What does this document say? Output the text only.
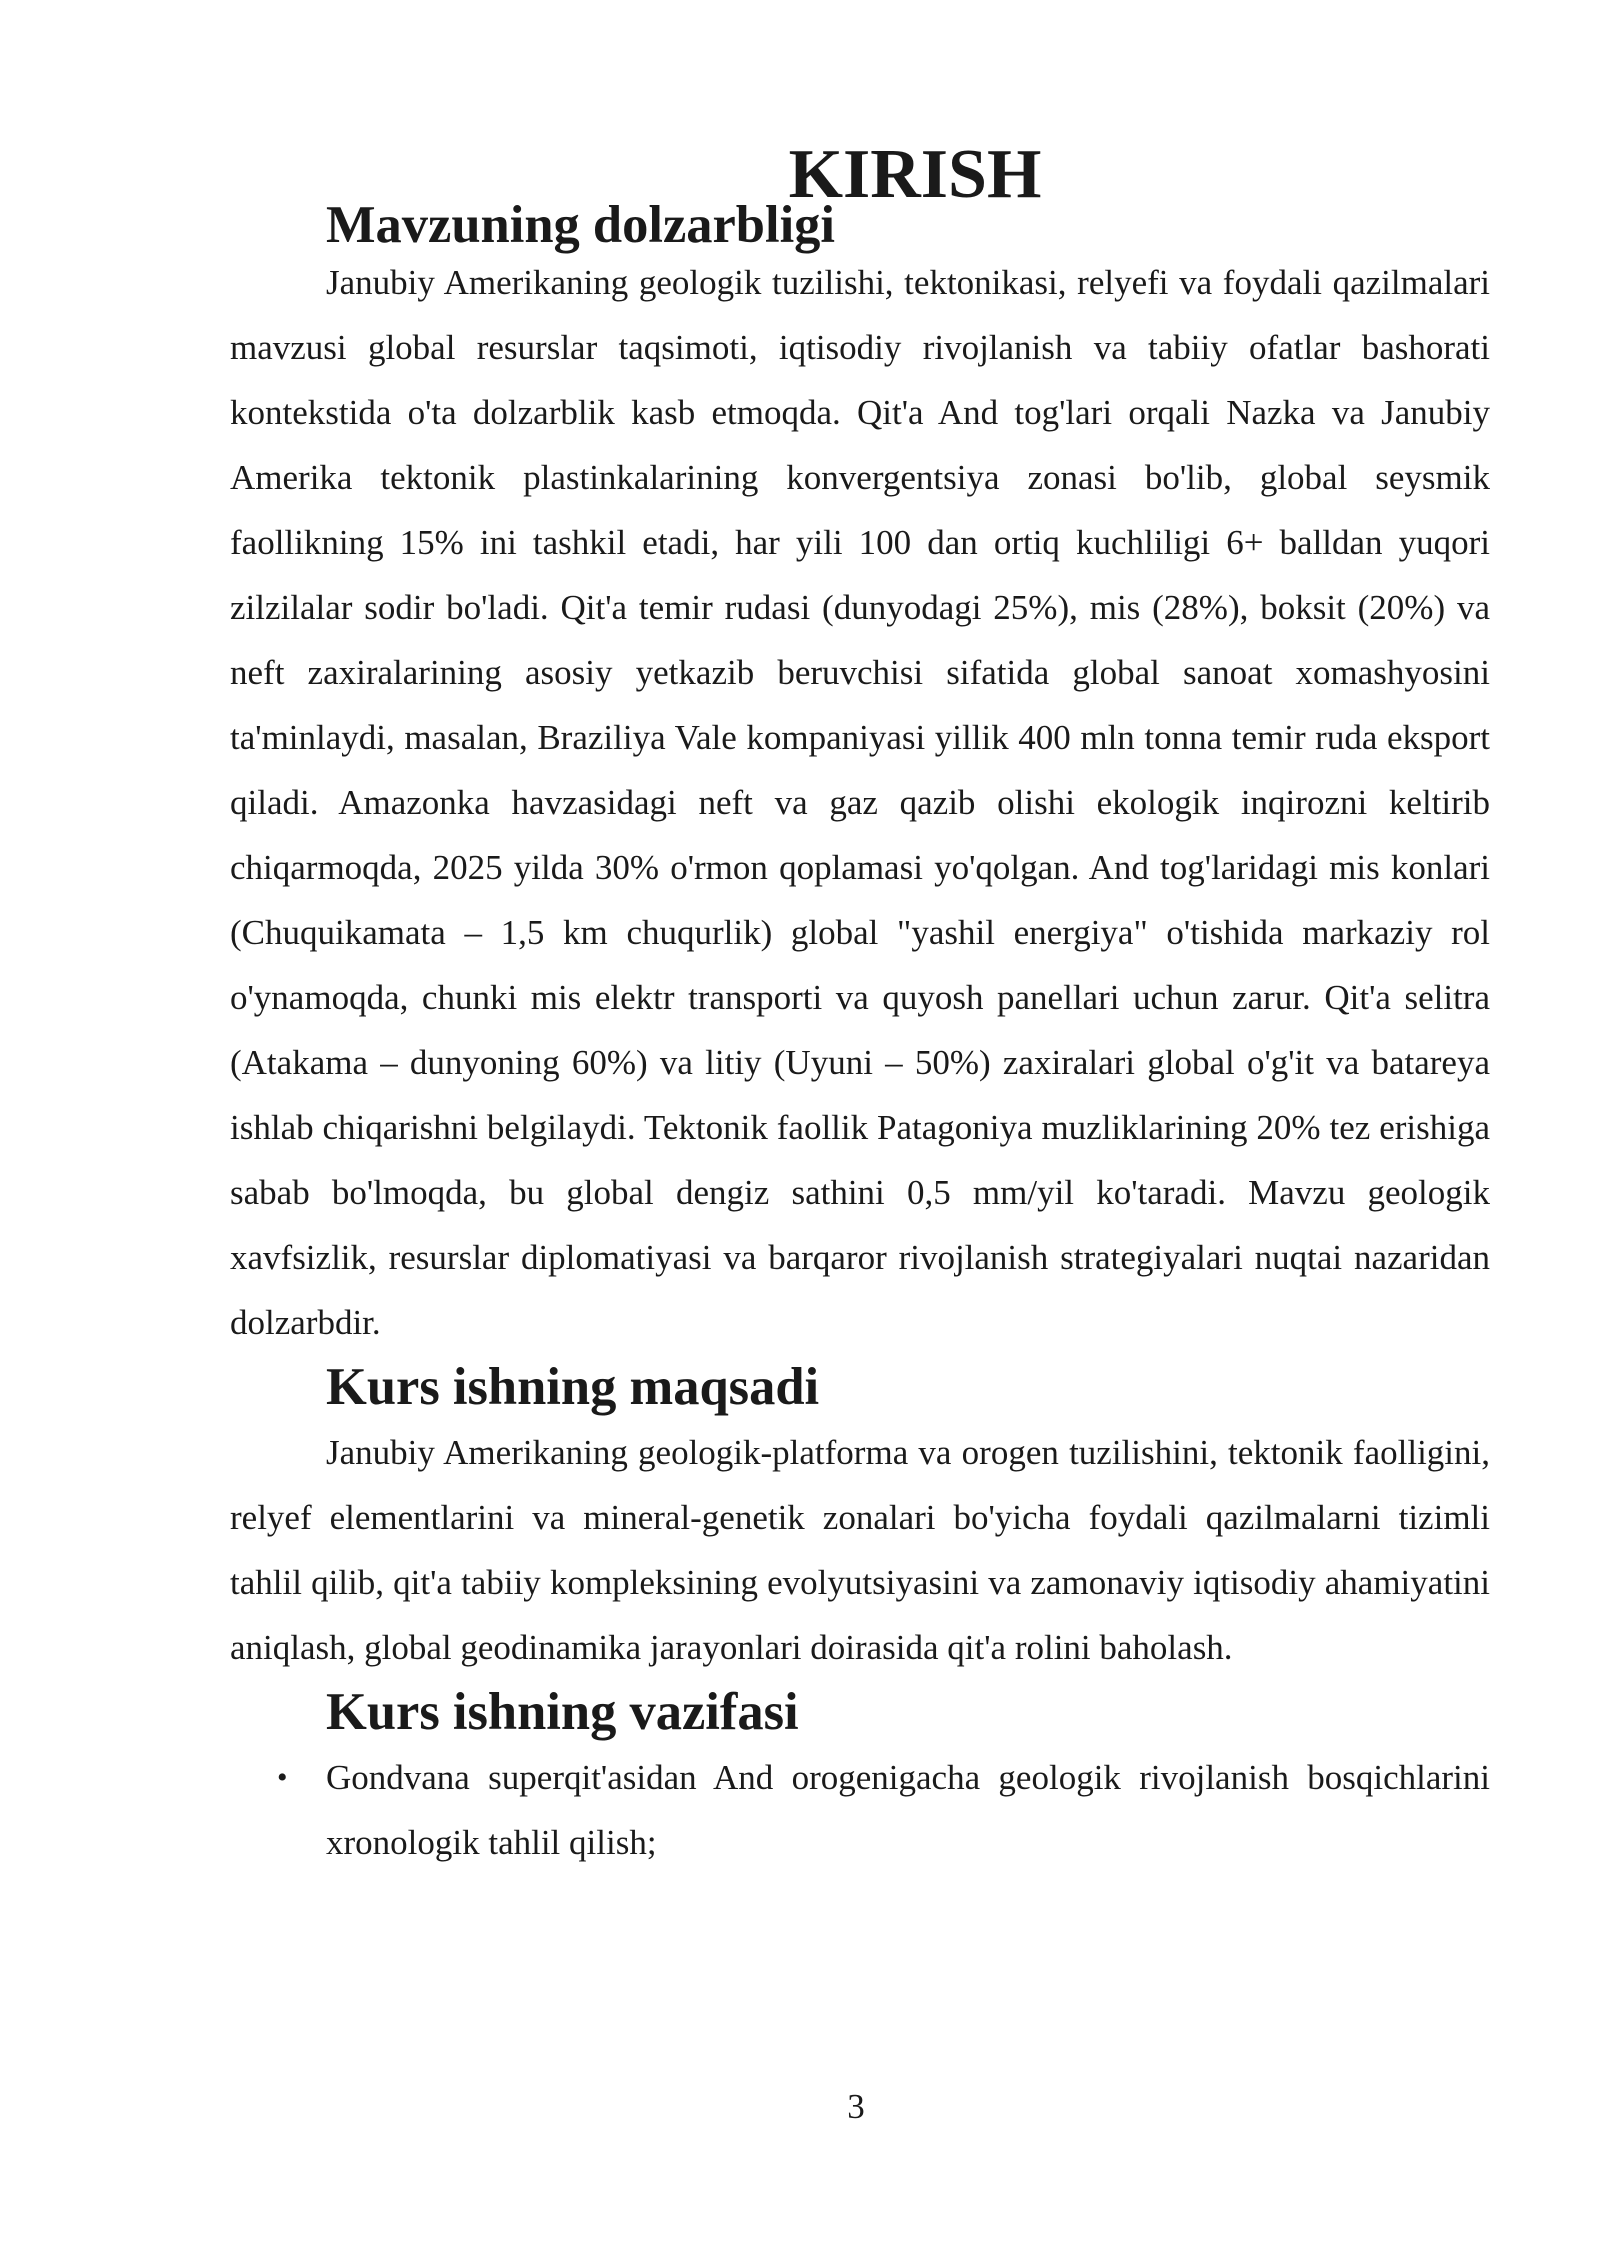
KIRISH
Mavzuning dolzarbligi

Janubiy Amerikaning geologik tuzilishi, tektonikasi, relyefi va foydali qazilmalari mavzusi global resurslar taqsimoti, iqtisodiy rivojlanish va tabiiy ofatlar bashorati kontekstida o'ta dolzarblik kasb etmoqda. Qit'a And tog'lari orqali Nazka va Janubiy Amerika tektonik plastinkalarining konvergentsiya zonasi bo'lib, global seysmik faollikning 15% ini tashkil etadi, har yili 100 dan ortiq kuchliligi 6+ balldan yuqori zilzilalar sodir bo'ladi. Qit'a temir rudasi (dunyodagi 25%), mis (28%), boksit (20%) va neft zaxiralarining asosiy yetkazib beruvchisi sifatida global sanoat xomashyosini ta'minlaydi, masalan, Braziliya Vale kompaniyasi yillik 400 mln tonna temir ruda eksport qiladi. Amazonka havzasidagi neft va gaz qazib olishi ekologik inqirozni keltirib chiqarmoqda, 2025 yilda 30% o'rmon qoplamasi yo'qolgan. And tog'laridagi mis konlari (Chuquikamata – 1,5 km chuqurlik) global "yashil energiya" o'tishida markaziy rol o'ynamoqda, chunki mis elektr transporti va quyosh panellari uchun zarur. Qit'a selitra (Atakama – dunyoning 60%) va litiy (Uyuni – 50%) zaxiralari global o'g'it va batareya ishlab chiqarishni belgilaydi. Tektonik faollik Patagoniya muzliklarining 20% tez erishiga sabab bo'lmoqda, bu global dengiz sathini 0,5 mm/yil ko'taradi. Mavzu geologik xavfsizlik, resurslar diplomatiyasi va barqaror rivojlanish strategiyalari nuqtai nazaridan dolzarbdir.

Kurs ishning maqsadi

Janubiy Amerikaning geologik-platforma va orogen tuzilishini, tektonik faolligini, relyef elementlarini va mineral-genetik zonalari bo'yicha foydali qazilmalarni tizimli tahlil qilib, qit'a tabiiy kompleksining evolyutsiyasini va zamonaviy iqtisodiy ahamiyatini aniqlash, global geodinamika jarayonlari doirasida qit'a rolini baholash.

Kurs ishning vazifasi
• Gondvana superqit'asidan And orogenigacha geologik rivojlanish bosqichlarini xronologik tahlil qilish;
3
